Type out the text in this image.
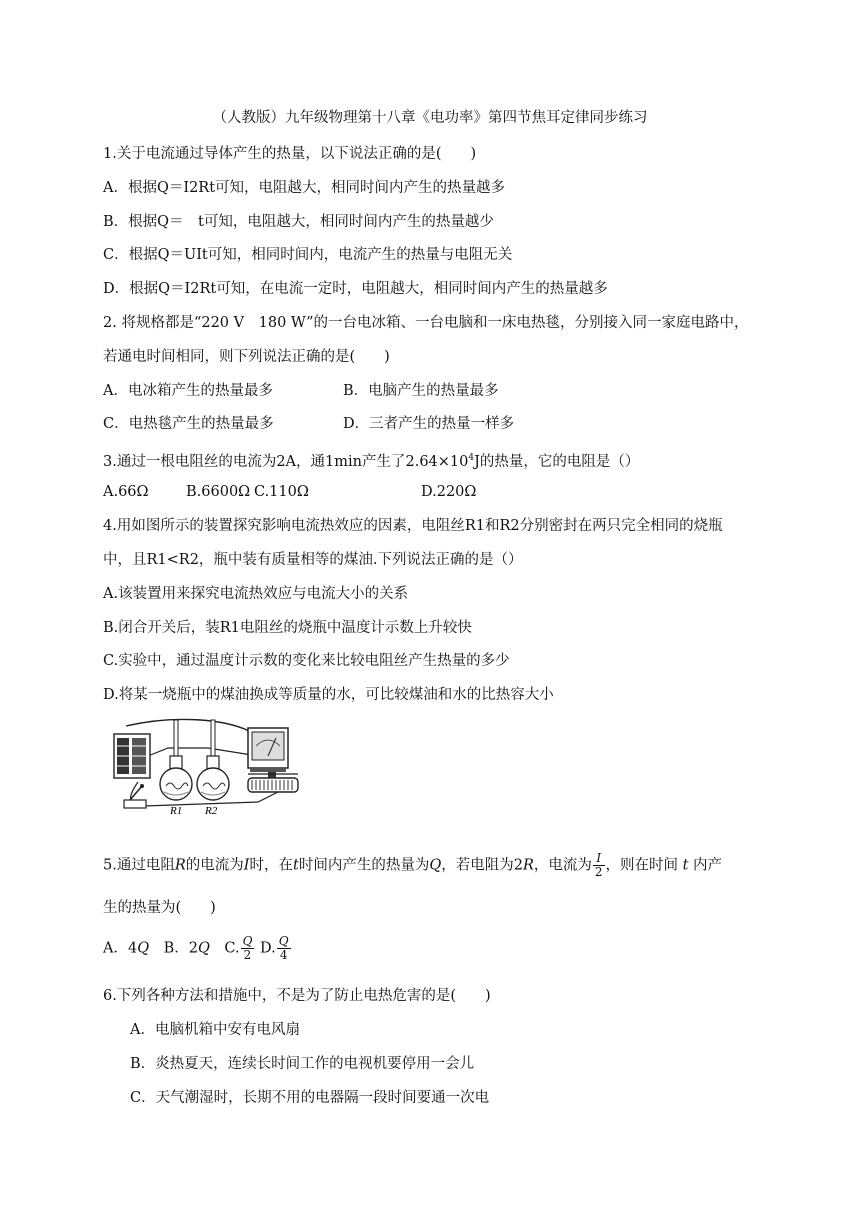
（人教版）九年级物理第十八章《电功率》第四节焦耳定律同步练习
1.关于电流通过导体产生的热量，以下说法正确的是(　　)
A．根据Q＝I2Rt可知，电阻越大，相同时间内产生的热量越多
B．根据Q＝　t可知，电阻越大，相同时间内产生的热量越少
C．根据Q＝UIt可知，相同时间内，电流产生的热量与电阻无关
D．根据Q＝I2Rt可知，在电流一定时，电阻越大，相同时间内产生的热量越多
2. 将规格都是“220 V　180 W”的一台电冰箱、一台电脑和一床电热毯，分别接入同一家庭电路中，
若通电时间相同，则下列说法正确的是(　　)
A．电冰箱产生的热量最多	B．电脑产生的热量最多
C．电热毯产生的热量最多	D．三者产生的热量一样多
3.通过一根电阻丝的电流为2A，通1min产生了$2.64\times 10^4J$的热量，它的电阻是（）
A.66Ω	B.6600Ω C.110Ω	D.220Ω
4.用如图所示的装置探究影响电流热效应的因素，电阻丝R1和R2分别密封在两只完全相同的烧瓶
中，且R1<R2，瓶中装有质量相等的煤油.下列说法正确的是（）
A.该装置用来探究电流热效应与电流大小的关系
B.闭合开关后，装R1电阻丝的烧瓶中温度计示数上升较快
C.实验中，通过温度计示数的变化来比较电阻丝产生热量的多少
D.将某一烧瓶中的煤油换成等质量的水，可比较煤油和水的比热容大小
R1 R2
5.通过电阻R的电流为I时，在t时间内产生的热量为Q，若电阻为2R，电流为 $\frac{I}{2}$ ，则在时间 t 内产
生的热量为(　　)
A．4Q　B．2Q　C. $\frac{Q}{2} D$. $\frac{Q}{4}$
6.下列各种方法和措施中，不是为了防止电热危害的是(　　)
A．电脑机箱中安有电风扇
B．炎热夏天，连续长时间工作的电视机要停用一会儿
C．天气潮湿时，长期不用的电器隔一段时间要通一次电
